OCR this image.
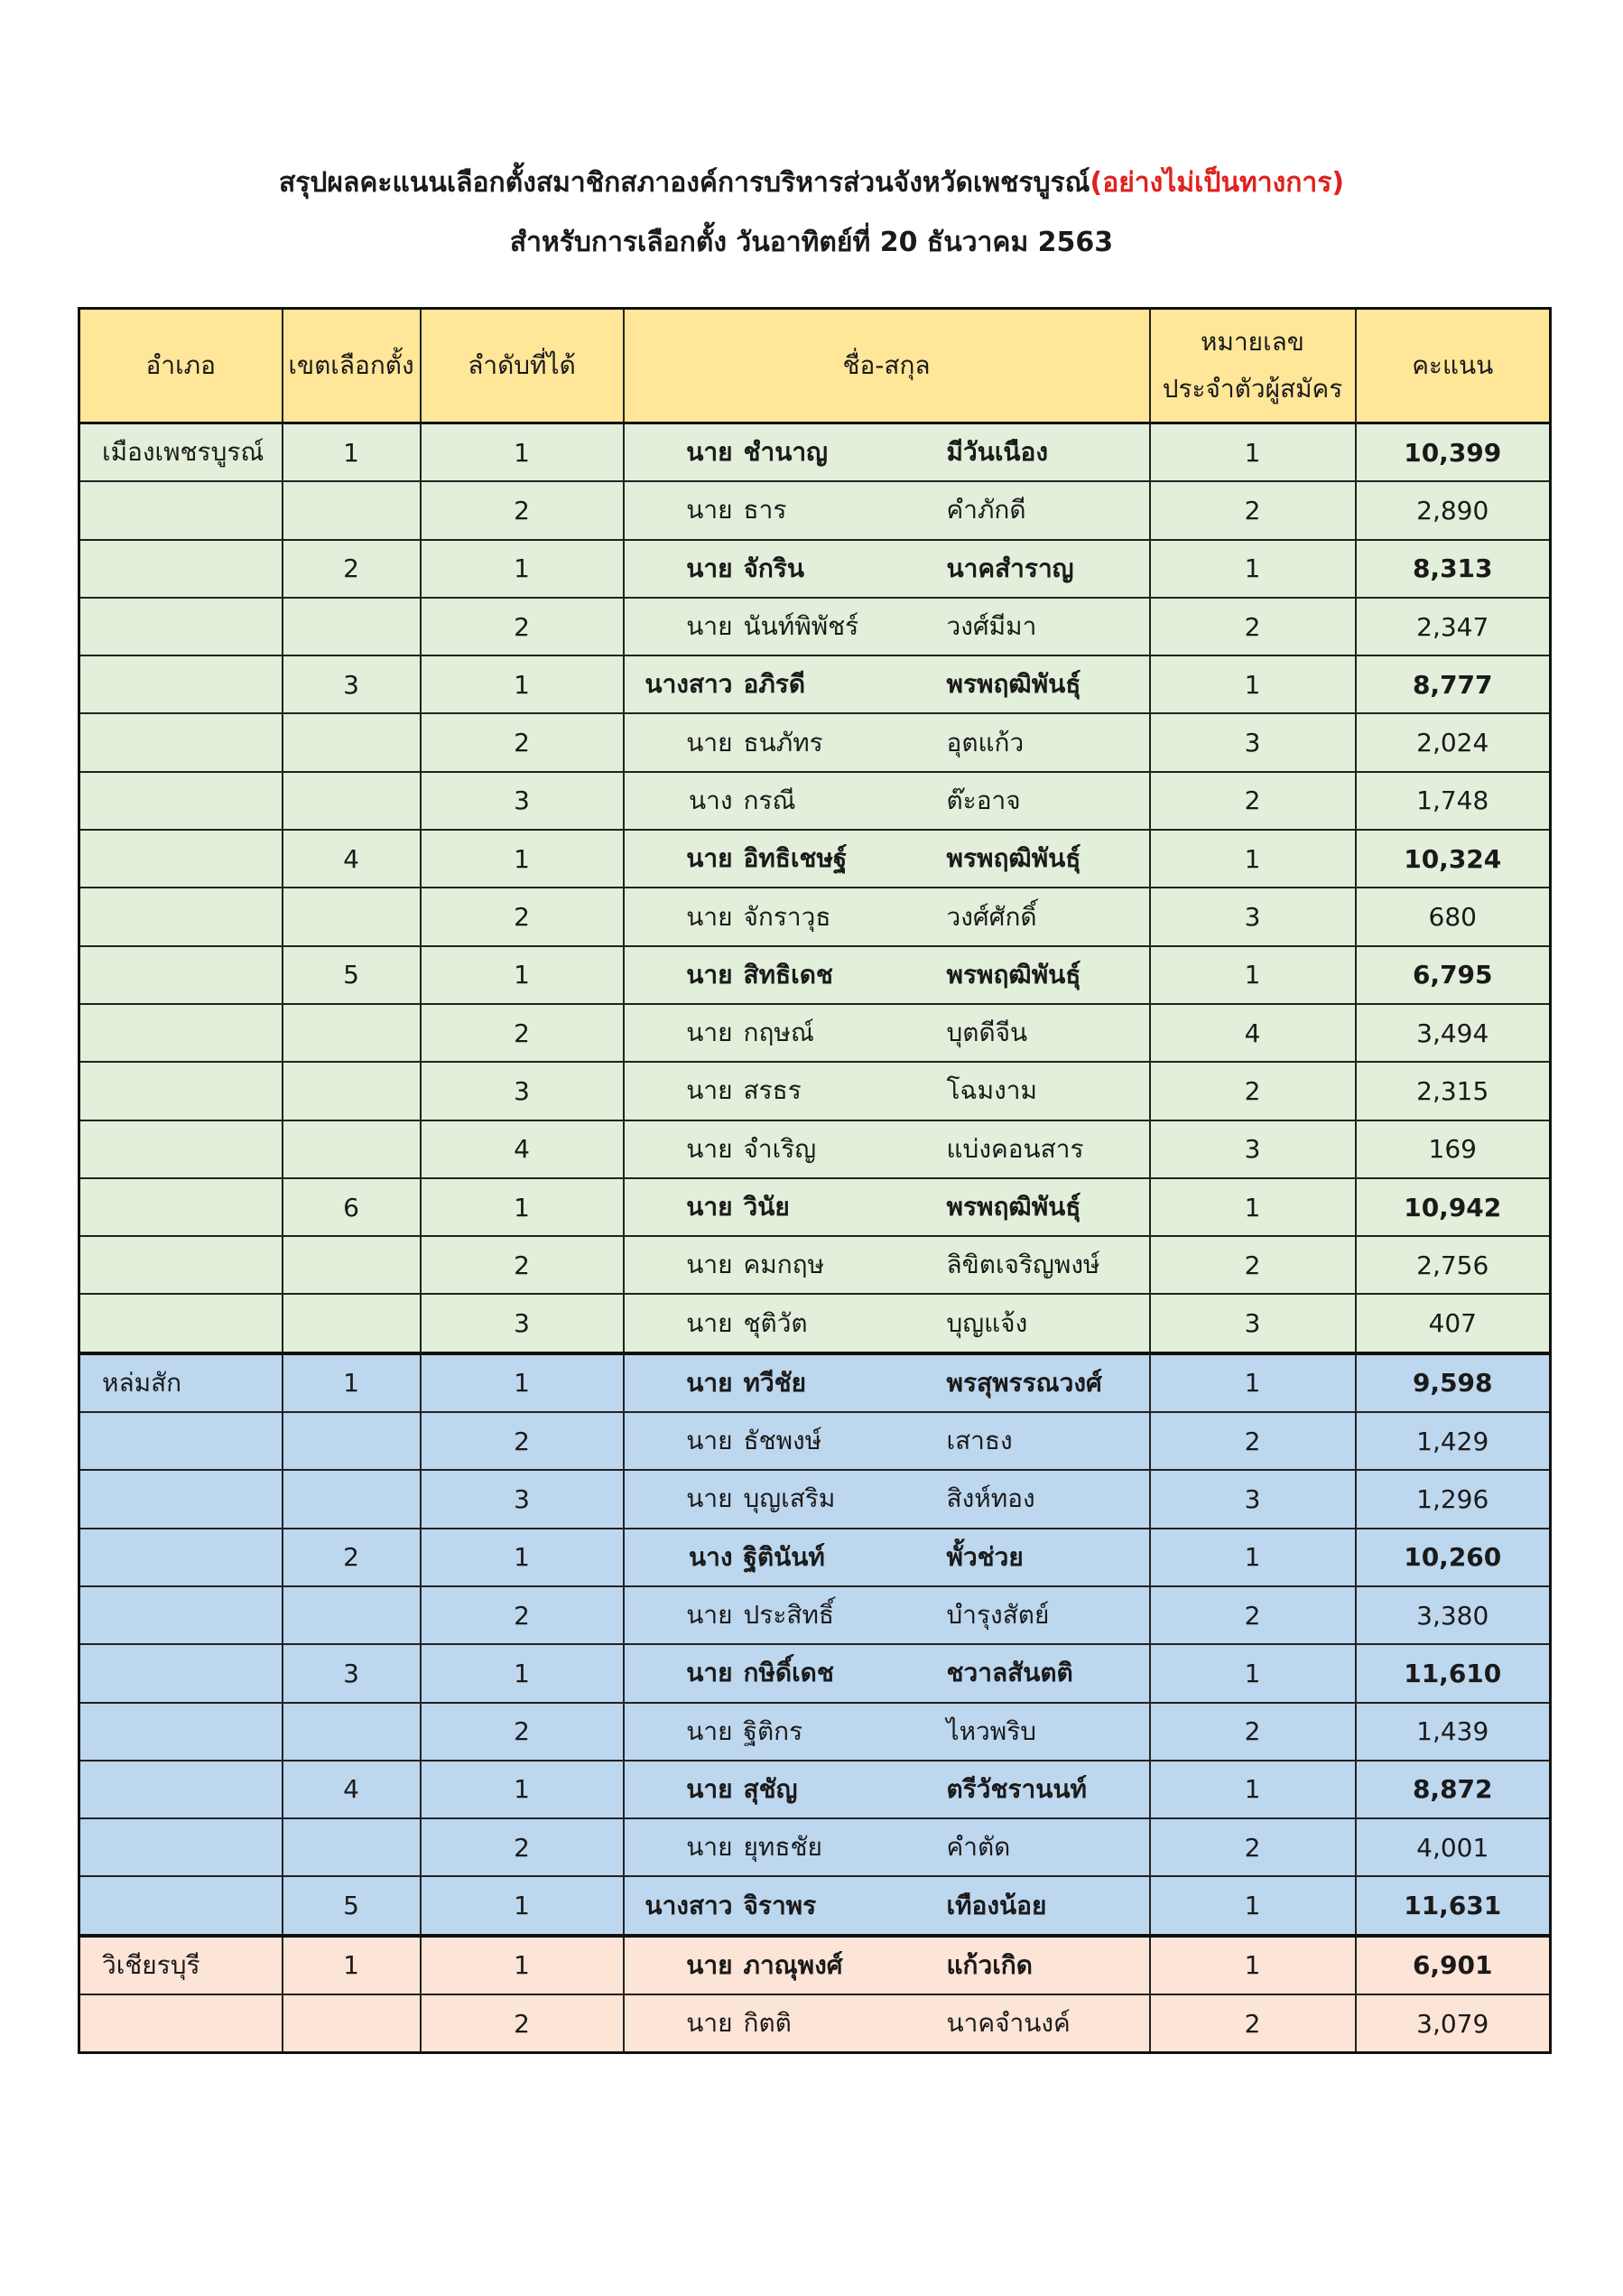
สรุปผลคะแนนเลือกตั้งสมาชิกสภาองค์การบริหารส่วนจังหวัดเพชรบูรณ์(อย่างไม่เป็นทางการ)
สำหรับการเลือกตั้ง วันอาทิตย์ที่ 20 ธันวาคม 2563
อำเภอ	เขตเลือกตั้ง	ลำดับที่ได้	ชื่อ-สกุล	หมายเลข
ประจำตัวผู้สมัคร	คะแนน
เมืองเพชรบูรณ์	1	1	นาย ชำนาญ มีวันเนือง	1	10,399
		2	นาย ธาร คำภักดี	2	2,890
	2	1	นาย จักริน นาคสำราญ	1	8,313
		2	นาย นันท์พิพัชร์ วงศ์มีมา	2	2,347
	3	1	นางสาว อภิรดี พรพฤฒิพันธุ์	1	8,777
		2	นาย ธนภัทร อุตแก้ว	3	2,024
		3	นาง กรณี ต๊ะอาจ	2	1,748
	4	1	นาย อิทธิเชษฐ์ พรพฤฒิพันธุ์	1	10,324
		2	นาย จักราวุธ วงศ์ศักดิ์	3	680
	5	1	นาย สิทธิเดช พรพฤฒิพันธุ์	1	6,795
		2	นาย กฤษณ์ บุตดีจีน	4	3,494
		3	นาย สรธร โฉมงาม	2	2,315
		4	นาย จำเริญ แบ่งคอนสาร	3	169
	6	1	นาย วินัย พรพฤฒิพันธุ์	1	10,942
		2	นาย คมกฤษ ลิขิตเจริญพงษ์	2	2,756
		3	นาย ชุติวัต บุญแจ้ง	3	407
หล่มสัก	1	1	นาย ทวีชัย พรสุพรรณวงศ์	1	9,598
		2	นาย ธัชพงษ์ เสาธง	2	1,429
		3	นาย บุญเสริม สิงห์ทอง	3	1,296
	2	1	นาง ฐิตินันท์ พั้วช่วย	1	10,260
		2	นาย ประสิทธิ์ บำรุงสัตย์	2	3,380
	3	1	นาย กษิดิ์เดช ชวาลสันตติ	1	11,610
		2	นาย ฐิติกร ไหวพริบ	2	1,439
	4	1	นาย สุชัญ ตรีวัชรานนท์	1	8,872
		2	นาย ยุทธชัย คำตัด	2	4,001
	5	1	นางสาว จิราพร เทืองน้อย	1	11,631
วิเชียรบุรี	1	1	นาย ภาณุพงศ์ แก้วเกิด	1	6,901
		2	นาย กิตติ นาคจำนงค์	2	3,079
